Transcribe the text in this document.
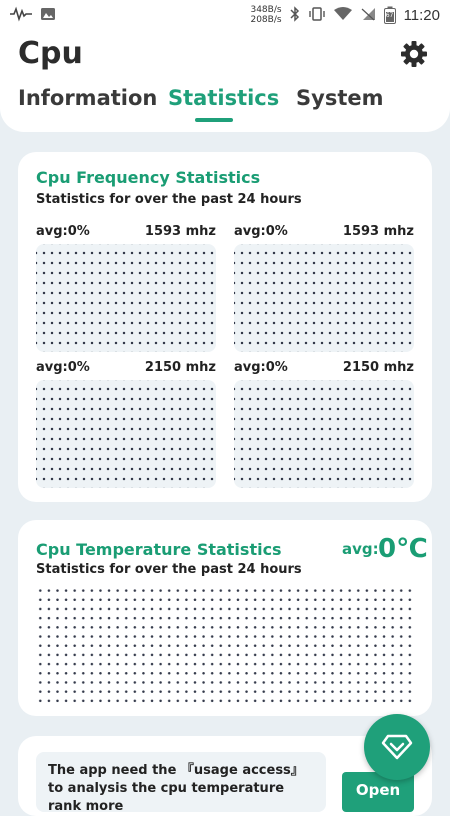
348B/s
208B/s	67 11:20
Cpu
Information Statistics System
Cpu Frequency Statistics
Statistics for over the past 24 hours
avg:0%	1593 mhz avg:0%	1593 mhz
avg:0%	2150 mhz avg:0%	2150 mhz
Cpu Temperature Statistics
Statistics for over the past 24 hours
avg: 0℃
The app need the 『usage access』 to analysis the cpu temperature rank more
Open
